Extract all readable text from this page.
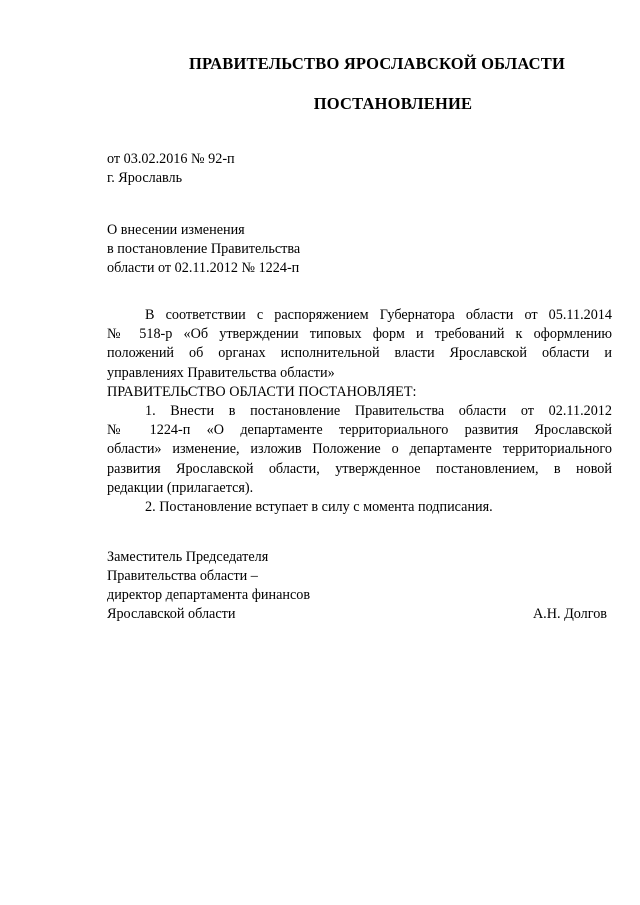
ПРАВИТЕЛЬСТВО ЯРОСЛАВСКОЙ ОБЛАСТИ
ПОСТАНОВЛЕНИЕ
от 03.02.2016 № 92-п
г. Ярославль
О внесении изменения
в постановление Правительства
области от 02.11.2012 № 1224-п
В соответствии с распоряжением Губернатора области от 05.11.2014
№ 518-р «Об утверждении типовых форм и требований к оформлению
положений об органах исполнительной власти Ярославской области и
управлениях Правительства области»
ПРАВИТЕЛЬСТВО ОБЛАСТИ ПОСТАНОВЛЯЕТ:
1. Внести в постановление Правительства области от 02.11.2012
№ 1224-п «О департаменте территориального развития Ярославской
области» изменение, изложив Положение о департаменте территориального
развития Ярославской области, утвержденное постановлением, в новой
редакции (прилагается).
2. Постановление вступает в силу с момента подписания.
Заместитель Председателя
Правительства области –
директор департамента финансов
Ярославской области	А.Н. Долгов
